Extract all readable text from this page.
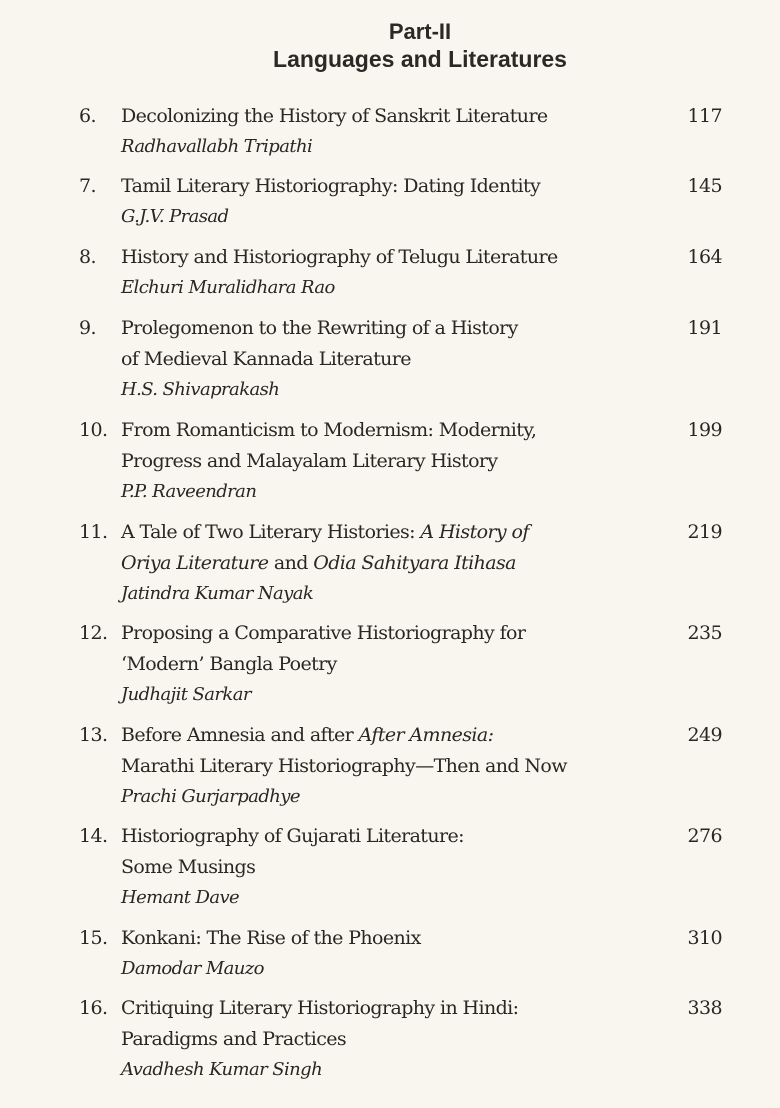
Part-II
Languages and Literatures
6. Decolonizing the History of Sanskrit Literature
Radhavallabh Tripathi
117
7. Tamil Literary Historiography: Dating Identity
G.J.V. Prasad
145
8. History and Historiography of Telugu Literature
Elchuri Muralidhara Rao
164
9. Prolegomenon to the Rewriting of a History
of Medieval Kannada Literature
H.S. Shivaprakash
191
10. From Romanticism to Modernism: Modernity,
Progress and Malayalam Literary History
P.P. Raveendran
199
11. A Tale of Two Literary Histories: A History of
Oriya Literature and Odia Sahityara Itihasa
Jatindra Kumar Nayak
219
12. Proposing a Comparative Historiography for
‘Modern’ Bangla Poetry
Judhajit Sarkar
235
13. Before Amnesia and after After Amnesia:
Marathi Literary Historiography—Then and Now
Prachi Gurjarpadhye
249
14. Historiography of Gujarati Literature:
Some Musings
Hemant Dave
276
15. Konkani: The Rise of the Phoenix
Damodar Mauzo
310
16. Critiquing Literary Historiography in Hindi:
Paradigms and Practices
Avadhesh Kumar Singh
338
